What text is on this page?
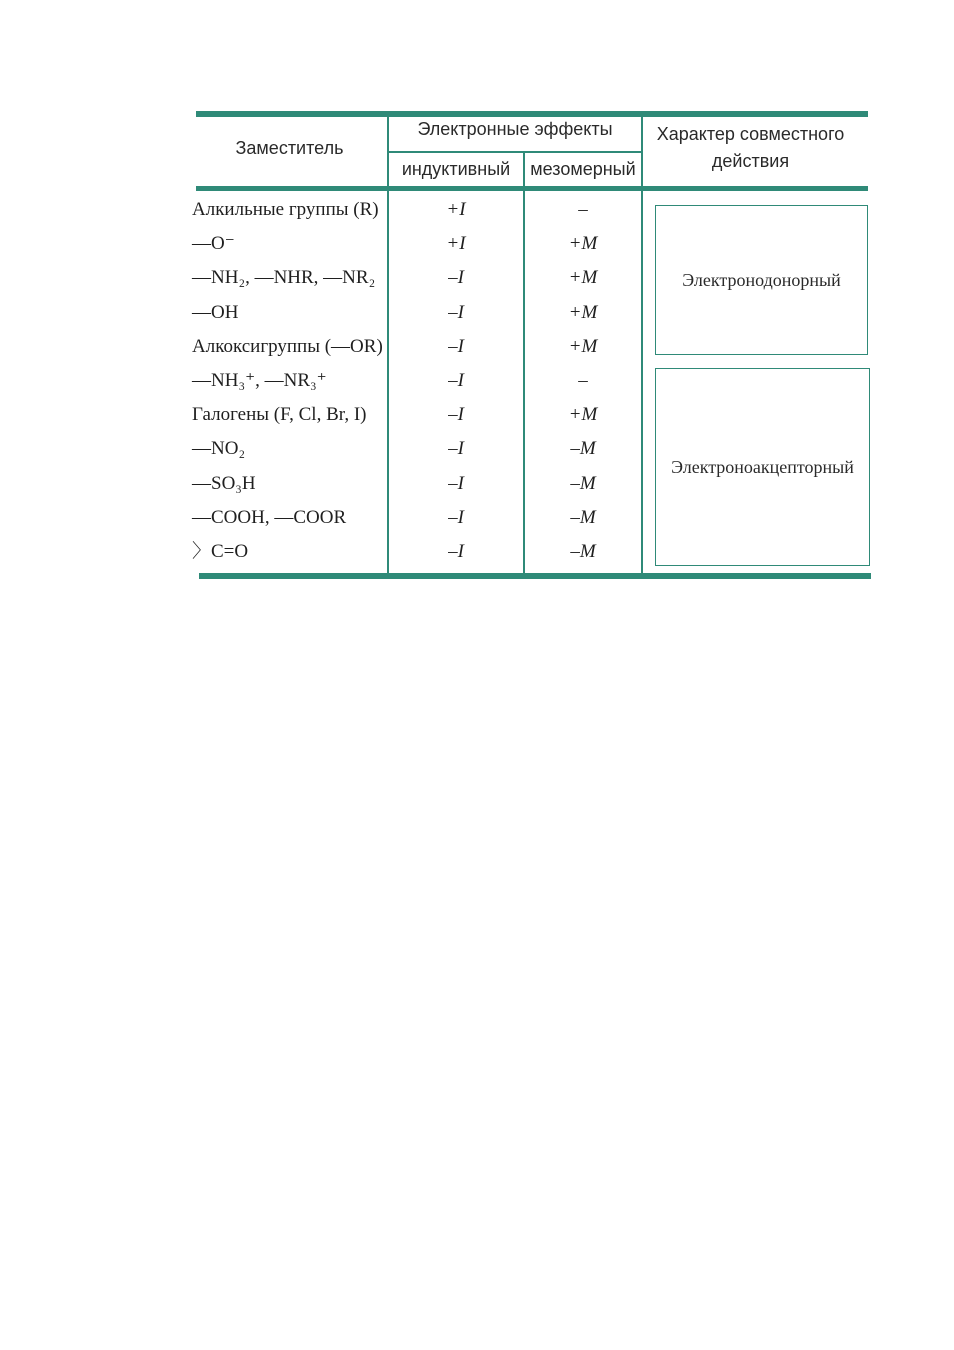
Заместитель
Электронные эффекты
индуктивный	мезомерный
Характер совместного
действия
Алкильные группы (R)	+I	–
—O⁻	+I	+M
—NH₂, —NHR, —NR₂	–I	+M
—OH	–I	+M
Алкоксигруппы (—OR)	–I	+M
—NH₃⁺, —NR₃⁺	–I	–
Галогены (F, Cl, Br, I)	–I	+M
—NO₂	–I	–M
—SO₃H	–I	–M
—COOH, —COOR	–I	–M
〉C=O	–I	–M
Электронодонорный
Электроноакцепторный
